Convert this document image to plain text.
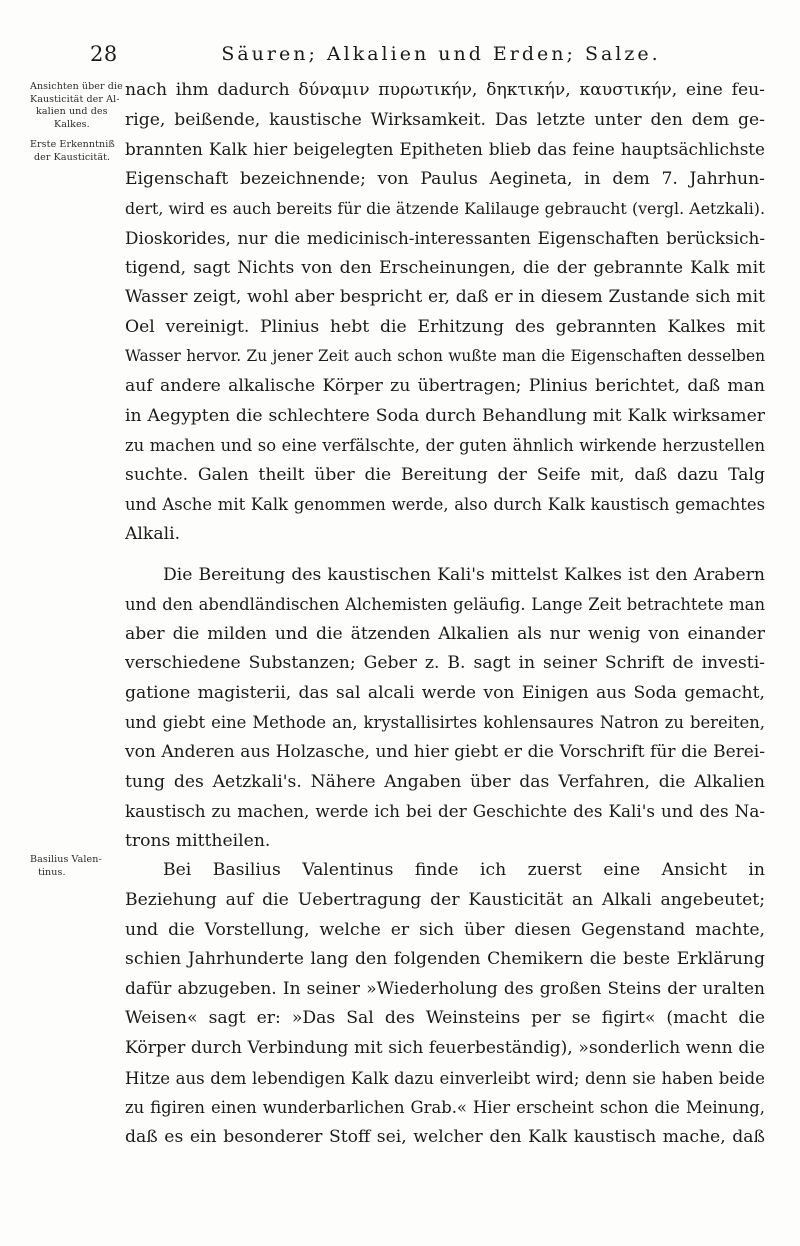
28	Säuren; Alkalien und Erden; Salze.
Ansichten über die
Kausticität der Al-
kalien und des
Kalkes.
Erste Erkenntniß
der Kausticität.
Basilius Valen-
tinus.
nach ihm dadurch δύναμιν πυρωτικήν, δηκτικήν, καυστικήν, eine feu-
rige, beißende, kaustische Wirksamkeit. Das letzte unter den dem ge-
brannten Kalk hier beigelegten Epitheten blieb das feine hauptsächlichste
Eigenschaft bezeichnende; von Paulus Aegineta, in dem 7. Jahrhun-
dert, wird es auch bereits für die ätzende Kalilauge gebraucht (vergl. Aetzkali).
Dioskorides, nur die medicinisch-interessanten Eigenschaften berücksich-
tigend, sagt Nichts von den Erscheinungen, die der gebrannte Kalk mit
Wasser zeigt, wohl aber bespricht er, daß er in diesem Zustande sich mit
Oel vereinigt. Plinius hebt die Erhitzung des gebrannten Kalkes mit
Wasser hervor. Zu jener Zeit auch schon wußte man die Eigenschaften desselben
auf andere alkalische Körper zu übertragen; Plinius berichtet, daß man
in Aegypten die schlechtere Soda durch Behandlung mit Kalk wirksamer
zu machen und so eine verfälschte, der guten ähnlich wirkende herzustellen
suchte. Galen theilt über die Bereitung der Seife mit, daß dazu Talg
und Asche mit Kalk genommen werde, also durch Kalk kaustisch gemachtes
Alkali.
Die Bereitung des kaustischen Kali's mittelst Kalkes ist den Arabern
und den abendländischen Alchemisten geläufig. Lange Zeit betrachtete man
aber die milden und die ätzenden Alkalien als nur wenig von einander
verschiedene Substanzen; Geber z. B. sagt in seiner Schrift de investi-
gatione magisterii, das sal alcali werde von Einigen aus Soda gemacht,
und giebt eine Methode an, krystallisirtes kohlensaures Natron zu bereiten,
von Anderen aus Holzasche, und hier giebt er die Vorschrift für die Berei-
tung des Aetzkali's. Nähere Angaben über das Verfahren, die Alkalien
kaustisch zu machen, werde ich bei der Geschichte des Kali's und des Na-
trons mittheilen.
Bei Basilius Valentinus finde ich zuerst eine Ansicht in
Beziehung auf die Uebertragung der Kausticität an Alkali angebeutet;
und die Vorstellung, welche er sich über diesen Gegenstand machte,
schien Jahrhunderte lang den folgenden Chemikern die beste Erklärung
dafür abzugeben. In seiner »Wiederholung des großen Steins der uralten
Weisen« sagt er: »Das Sal des Weinsteins per se figirt« (macht die
Körper durch Verbindung mit sich feuerbeständig), »sonderlich wenn die
Hitze aus dem lebendigen Kalk dazu einverleibt wird; denn sie haben beide
zu figiren einen wunderbarlichen Grab.« Hier erscheint schon die Meinung,
daß es ein besonderer Stoff sei, welcher den Kalk kaustisch mache, daß
